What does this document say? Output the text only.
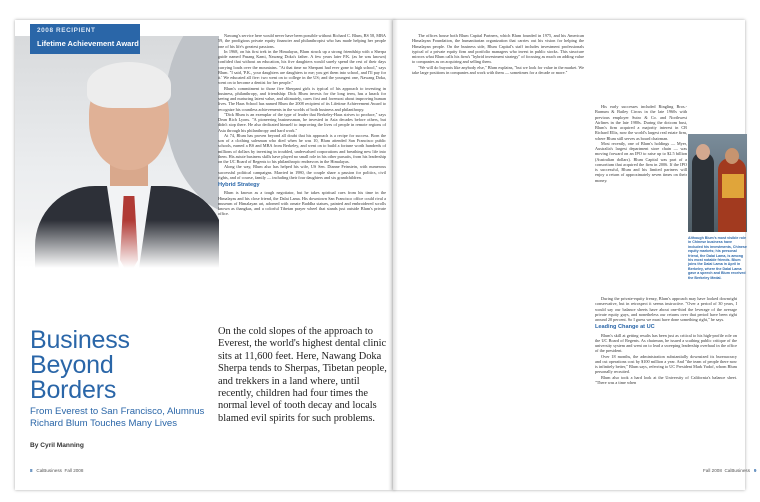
2008 RECIPIENT
Lifetime Achievement Award
Business
Beyond
Borders
From Everest to San Francisco, Alumnus Richard Blum Touches Many Lives
By Cyril Manning
On the cold slopes of the approach to Everest, the world's highest dental clinic sits at 11,600 feet. Here, Nawang Doka Sherpa tends to Sherpas, Tibetan people, and trekkers in a land where, until recently, children had four times the normal level of tooth decay and locals blamed evil spirits for such problems.

Nawang's service here would never have been possible without Richard C. Blum, BS 58, MBA 59, the prodigious private equity financier and philanthropist who has made helping her people one of his life's greatest passions.

In 1968, on his first trek in the Himalayas, Blum struck up a strong friendship with a Sherpa guide named Pasang Kami, Nawang Doka's father. A few years later P.K. (as he was known) confided that without an education, his five daughters would surely spend the rest of their days carrying loads over the mountains. "At that time no Sherpani had ever gone to high school," says Blum. "I said, 'P.K., your daughters are daughters to me; you get them into school, and I'll pay for it.' We educated all five: two went on to college in the US; and the youngest one, Nawang Doka, went on to become a dentist for her people."

Blum's commitment to those five Sherpani girls is typical of his approach to investing in business, philanthropy, and friendship: Dick Blum invests for the long term, has a knack for seeing and nurturing latent value, and ultimately, cares first and foremost about improving human lives. The Haas School has named Blum the 2008 recipient of its Lifetime Achievement Award to recognize his countless achievements in the worlds of both business and philanthropy.

"Dick Blum is an exemplar of the type of leader that Berkeley-Haas strives to produce," says Dean Rich Lyons. "A pioneering businessman, he invested in Asia decades before others, but didn't stop there. He also dedicated himself to improving the lives of people in remote regions of Asia through his philanthropy and hard work."

At 74, Blum has proven beyond all doubt that his approach is a recipe for success. Born the son of a clothing salesman who died when he was 10, Blum attended San Francisco public schools, earned a BS and MBA from Berkeley, and went on to build a fortune worth hundreds of millions of dollars by investing in troubled, undervalued corporations and breathing new life into them. His astute business skills have played no small role in his other pursuits, from his leadership on the UC Board of Regents to his philanthropic endeavors in the Himalayas.

Along the way, Blum also has helped his wife, US Sen. Dianne Feinstein, with numerous successful political campaigns. Married in 1980, the couple share a passion for politics, civil rights, and of course, family — including their four daughters and six grandchildren.

Hybrid Strategy

Blum is known as a tough negotiator, but he takes spiritual cues from his time in the Himalayas and his close friend, the Dalai Lama. His downtown San Francisco office could rival a museum of Himalayan art, adorned with ornate Buddha statues, painted and embroidered scrolls known as thangkas, and a colorful Tibetan prayer wheel that stands just outside Blum's private office.

The offices house both Blum Capital Partners, which Blum founded in 1975, and his American Himalayan Foundation, the humanitarian organization that carries out his vision for helping the Himalayan people. On the business side, Blum Capital's staff includes investment professionals typical of a private equity firm and portfolio managers who invest in public stocks. This structure mirrors what Blum calls his firm's "hybrid investment strategy" of focusing as much on adding value to companies as on acquiring and selling them.

"We will do buyouts like anybody else," Blum explains, "but we look for value in the market. We take large positions in companies and work with them — sometimes for a decade or more."

His early successes included Ringling Bros.-Barnum & Bailey Circus in the late 1960s with previous employer Sutro & Co. and Northwest Airlines in the late 1980s. During the dotcom bust, Blum's firm acquired a majority interest in CB Richard Ellis, now the world's largest real estate firm, where Blum still serves as board chairman.

Most recently, one of Blum's holdings — Myer, Australia's largest department store chain — was moving forward on an IPO to raise up to $2.5 billion (Australian dollars). Blum Capital was part of a consortium that acquired the firm in 2006. If the IPO is successful, Blum and his limited partners will enjoy a return of approximately seven times on their money.

During the private-equity frenzy, Blum's approach may have looked downright conservative, but in retrospect it seems instructive. "Over a period of 30 years, I would say our balance sheets have about one-third the leverage of the average private equity guys, and nonetheless our returns over that period have been right around 20 percent. So I guess we must have done something right," he says.

Leading Change at UC

Blum's skill at getting results has been just as critical to his high-profile role on the UC Board of Regents. As chairman, he issued a scathing public critique of the university system and went on to lead a sweeping leadership overhaul in the office of the president.

Over 18 months, the administration substantially downsized its bureaucracy and cut operations cost by $100 million a year. And "the team of people there now is infinitely better," Blum says, referring to UC President Mark Yudof, whom Blum personally recruited.

Blum also took a hard look at the University of California's balance sheet. "There was a time when

Although Blum's most visible role in Chinese business have included his investments, Chinese equity markets; his personal friend, the Dalai Lama, is among his most notable friends. Blum joins the Dalai Lama in April in Berkeley, where the Dalai Lama gave a speech and Blum received the Berkeley Medal.
8 CalBusiness Fall 2008	Fall 2008 CalBusiness 9
